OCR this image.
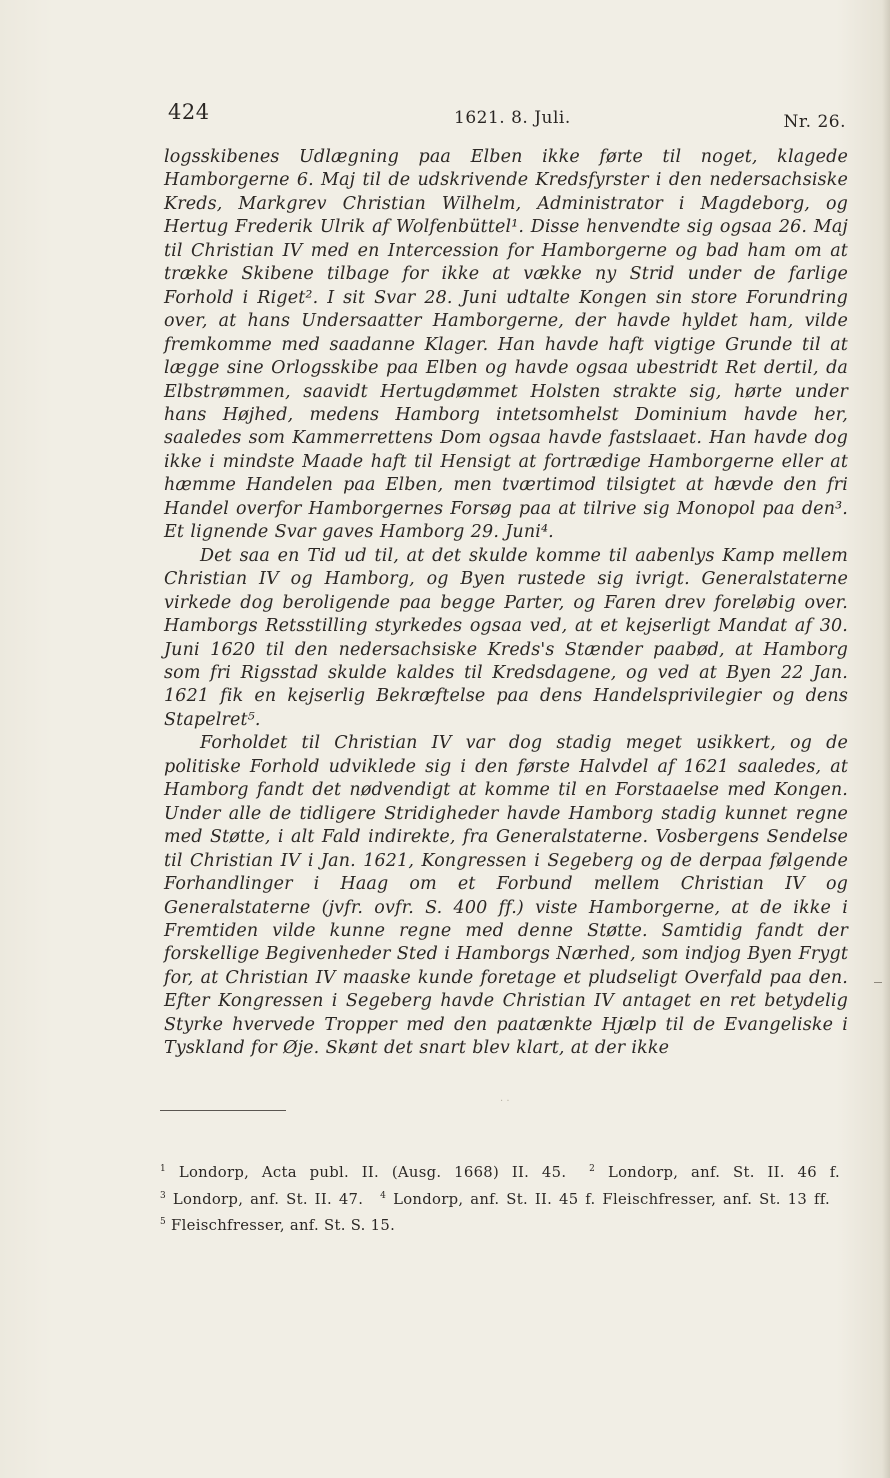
424	1621. 8. Juli.	Nr. 26.

logsskibenes Udlægning paa Elben ikke førte til noget, klagede Hamborgerne 6. Maj til de udskrivende Kredsfyrster i den nedersachsiske Kreds, Markgrev Christian Wilhelm, Administrator i Magdeborg, og Hertug Frederik Ulrik af Wolfenbüttel¹. Disse henvendte sig ogsaa 26. Maj til Christian IV med en Intercession for Hamborgerne og bad ham om at trække Skibene tilbage for ikke at vække ny Strid under de farlige Forhold i Riget². I sit Svar 28. Juni udtalte Kongen sin store Forundring over, at hans Undersaatter Hamborgerne, der havde hyldet ham, vilde fremkomme med saadanne Klager. Han havde haft vigtige Grunde til at lægge sine Orlogsskibe paa Elben og havde ogsaa ubestridt Ret dertil, da Elbstrømmen, saavidt Hertugdømmet Holsten strakte sig, hørte under hans Højhed, medens Hamborg intetsomhelst Dominium havde her, saaledes som Kammerrettens Dom ogsaa havde fastslaaet. Han havde dog ikke i mindste Maade haft til Hensigt at fortrædige Hamborgerne eller at hæmme Handelen paa Elben, men tværtimod tilsigtet at hævde den fri Handel overfor Hamborgernes Forsøg paa at tilrive sig Monopol paa den³. Et lignende Svar gaves Hamborg 29. Juni⁴.

Det saa en Tid ud til, at det skulde komme til aabenlys Kamp mellem Christian IV og Hamborg, og Byen rustede sig ivrigt. Generalstaterne virkede dog beroligende paa begge Parter, og Faren drev foreløbig over. Hamborgs Retsstilling styrkedes ogsaa ved, at et kejserligt Mandat af 30. Juni 1620 til den nedersachsiske Kreds's Stænder paabød, at Hamborg som fri Rigsstad skulde kaldes til Kredsdagene, og ved at Byen 22 Jan. 1621 fik en kejserlig Bekræftelse paa dens Handelsprivilegier og dens Stapelret⁵.

Forholdet til Christian IV var dog stadig meget usikkert, og de politiske Forhold udviklede sig i den første Halvdel af 1621 saaledes, at Hamborg fandt det nødvendigt at komme til en Forstaaelse med Kongen. Under alle de tidligere Stridigheder havde Hamborg stadig kunnet regne med Støtte, i alt Fald indirekte, fra Generalstaterne. Vosbergens Sendelse til Christian IV i Jan. 1621, Kongressen i Segeberg og de derpaa følgende Forhandlinger i Haag om et Forbund mellem Christian IV og Generalstaterne (jvfr. ovfr. S. 400 ff.) viste Hamborgerne, at de ikke i Fremtiden vilde kunne regne med denne Støtte. Samtidig fandt der forskellige Begivenheder Sted i Hamborgs Nærhed, som indjog Byen Frygt for, at Christian IV maaske kunde foretage et pludseligt Overfald paa den. Efter Kongressen i Segeberg havde Christian IV antaget en ret betydelig Styrke hvervede Tropper med den paatænkte Hjælp til de Evangeliske i Tyskland for Øje. Skønt det snart blev klart, at der ikke

· ·
$^1$ Londorp, Acta publ. II. (Ausg. 1668) II. 45.	$^2$ Londorp, anf. St. II. 46 f. $^3$ Londorp, anf. St. II. 47. $^4$ Londorp, anf. St. II. 45 f. Fleischfresser, anf. St. 13 ff. $^5$ Fleischfresser, anf. St. S. 15.
